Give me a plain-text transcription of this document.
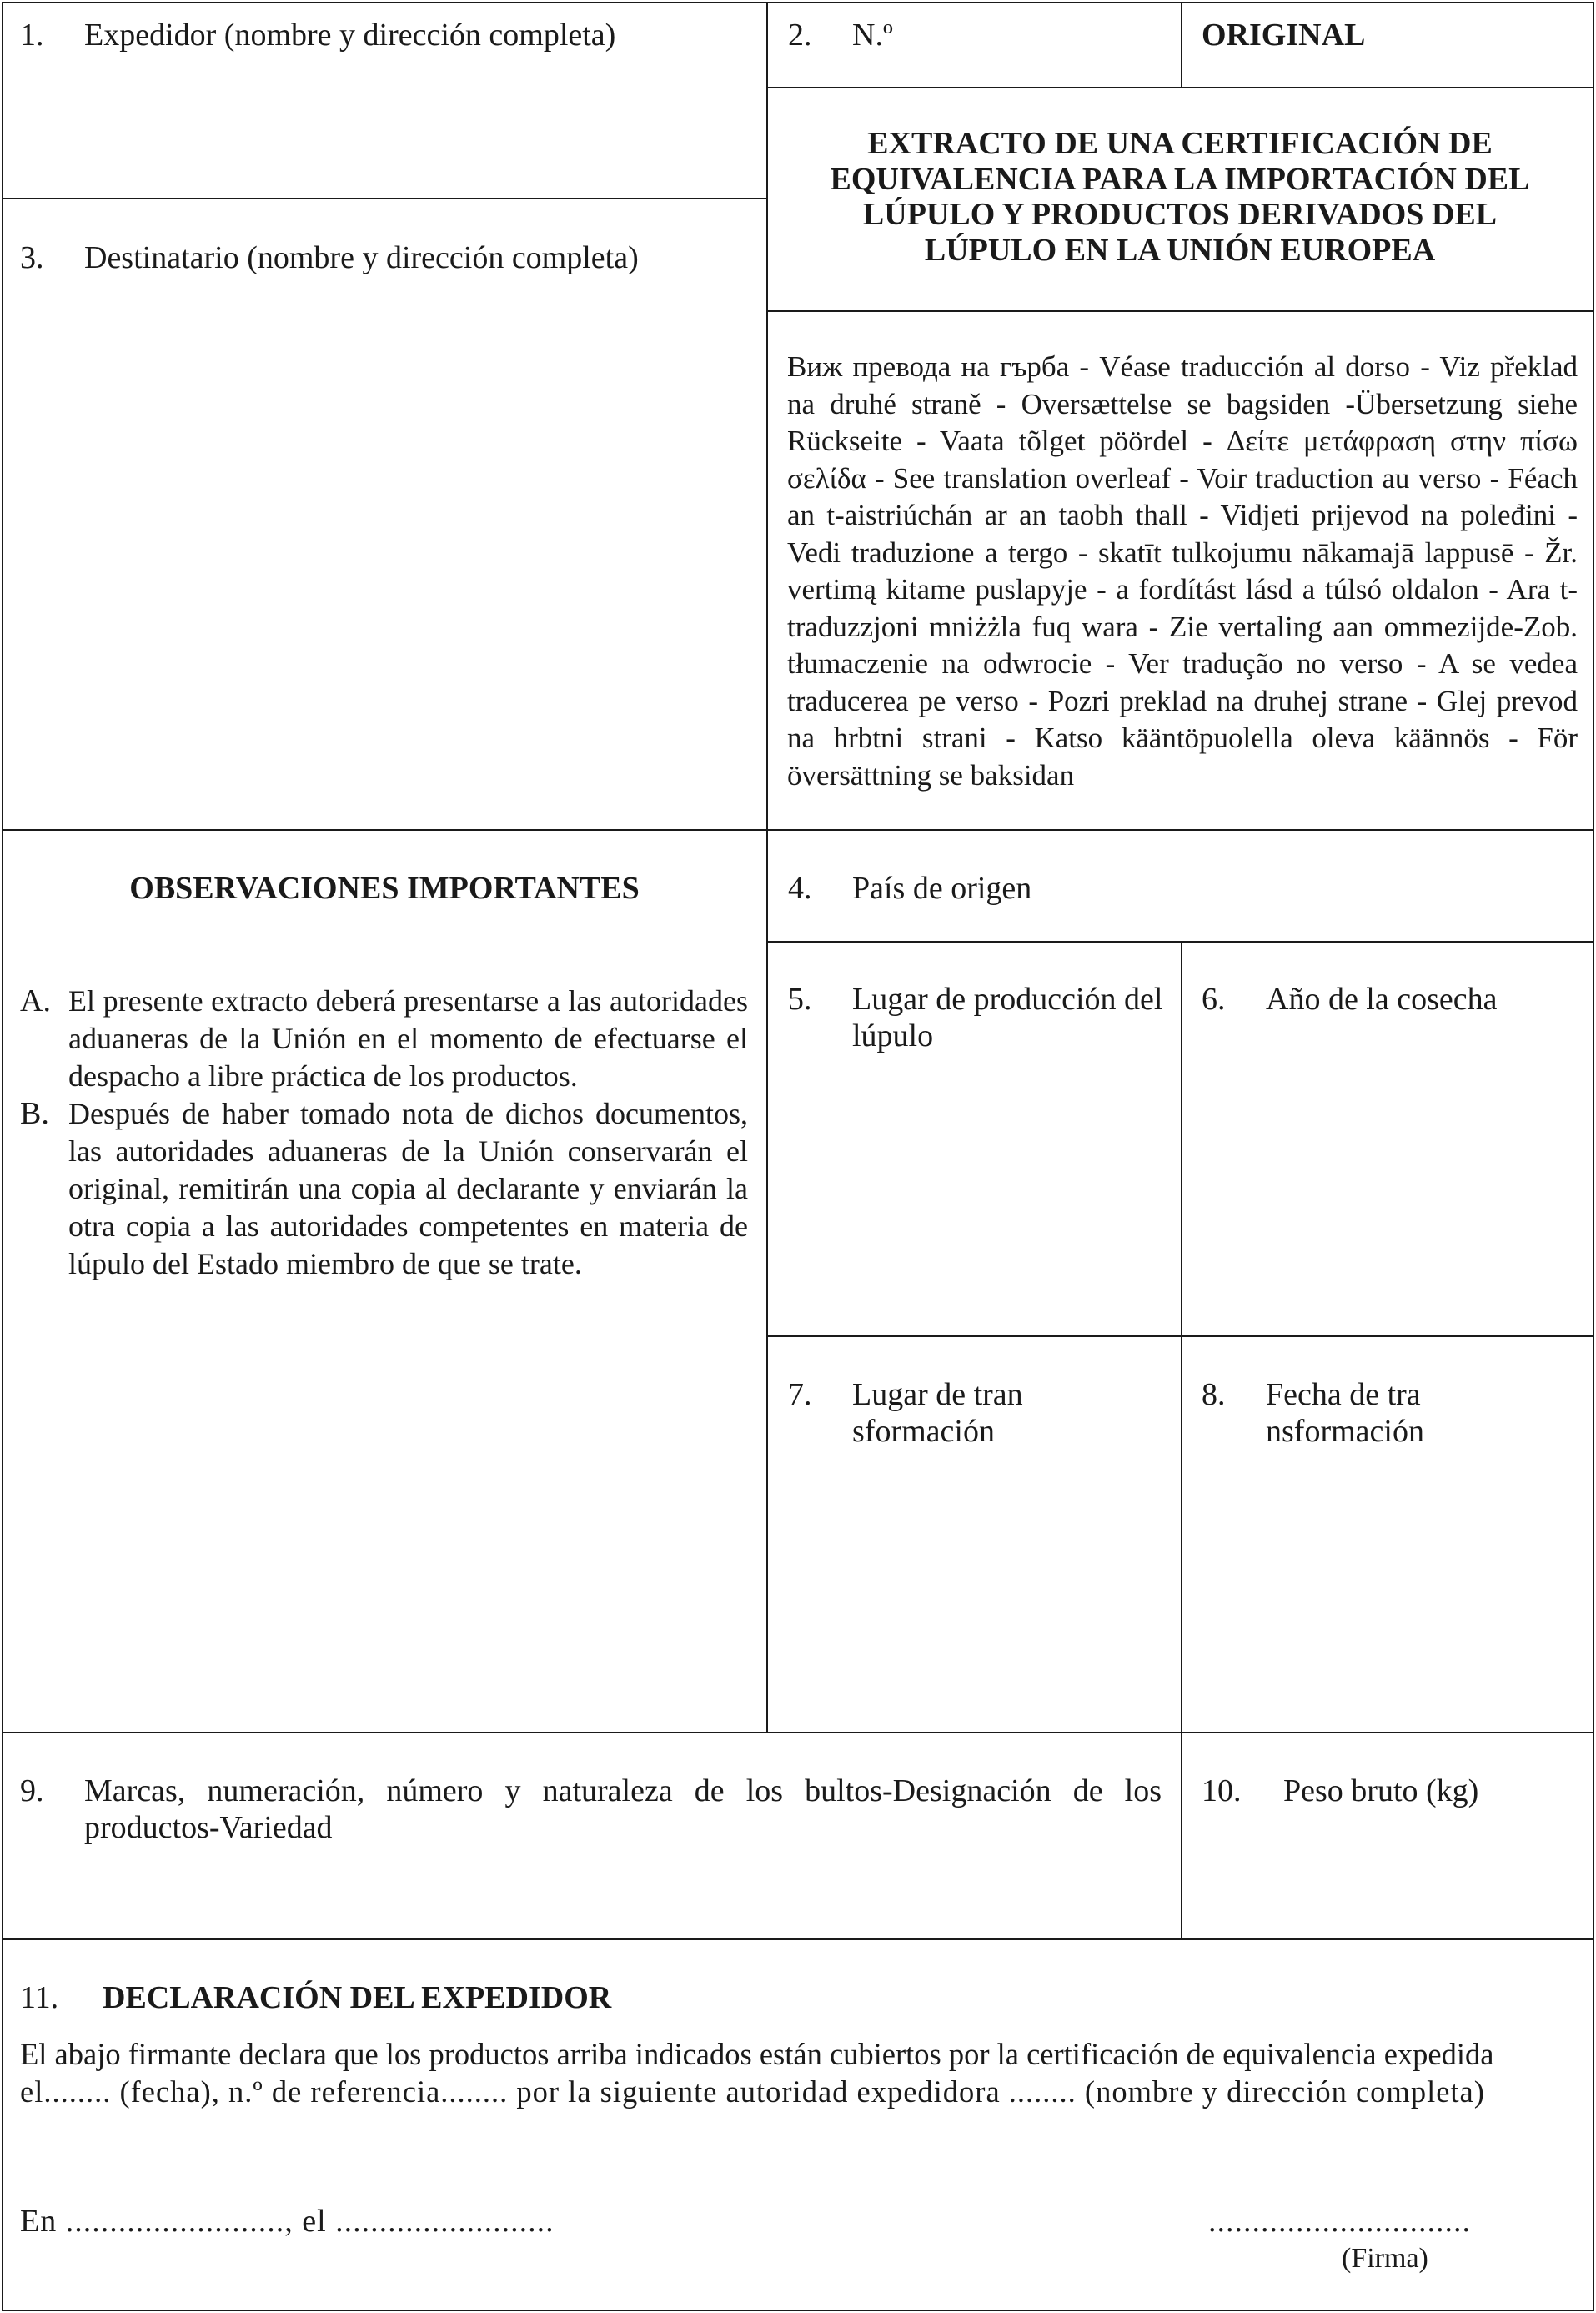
1. Expedidor (nombre y dirección completa)	2. N.º	ORIGINAL
EXTRACTO DE UNA CERTIFICACIÓN DE EQUIVALENCIA PARA LA IMPORTACIÓN DEL LÚPULO Y PRODUCTOS DERIVADOS DEL LÚPULO EN LA UNIÓN EUROPEA
3. Destinatario (nombre y dirección completa)
Виж превода на гърба - Véase traducción al dorso - Viz překlad na druhé straně - Oversættelse se bagsiden -Übersetzung siehe Rückseite - Vaata tõlget pöördel - Δείτε μετάφραση στην πίσω σελίδα - See translation overleaf - Voir traduction au verso - Féach an t-aistriúchán ar an taobh thall - Vidjeti prijevod na poleđini - Vedi traduzione a tergo - skatīt tulkojumu nākamajā lappusē - Žr. vertimą kitame puslapyje - a fordítást lásd a túlsó oldalon - Ara t-traduzzjoni mniżżla fuq wara - Zie vertaling aan ommezijde-Zob. tłumaczenie na odwrocie - Ver tradução no verso - A se vedea traducerea pe verso - Pozri preklad na druhej strane - Glej prevod na hrbtni strani - Katso kääntöpuolella oleva käännös - För översättning se baksidan
OBSERVACIONES IMPORTANTES
A. El presente extracto deberá presentarse a las autoridades aduaneras de la Unión en el momento de efectuarse el despacho a libre práctica de los productos.
B. Después de haber tomado nota de dichos documentos, las autoridades aduaneras de la Unión conservarán el original, remitirán una copia al declarante y enviarán la otra copia a las autoridades competentes en materia de lúpulo del Estado miembro de que se trate.
4. País de origen
5. Lugar de producción del lúpulo
6. Año de la cosecha
7. Lugar de transformación
8. Fecha de transformación
9. Marcas, numeración, número y naturaleza de los bultos-Designación de los productos-Variedad
10. Peso bruto (kg)
11. DECLARACIÓN DEL EXPEDIDOR
El abajo firmante declara que los productos arriba indicados están cubiertos por la certificación de equivalencia expedida
el........ (fecha), n.º de referencia........ por la siguiente autoridad expedidora ........ (nombre y dirección completa)
En ........................., el .........................	..............................
(Firma)
